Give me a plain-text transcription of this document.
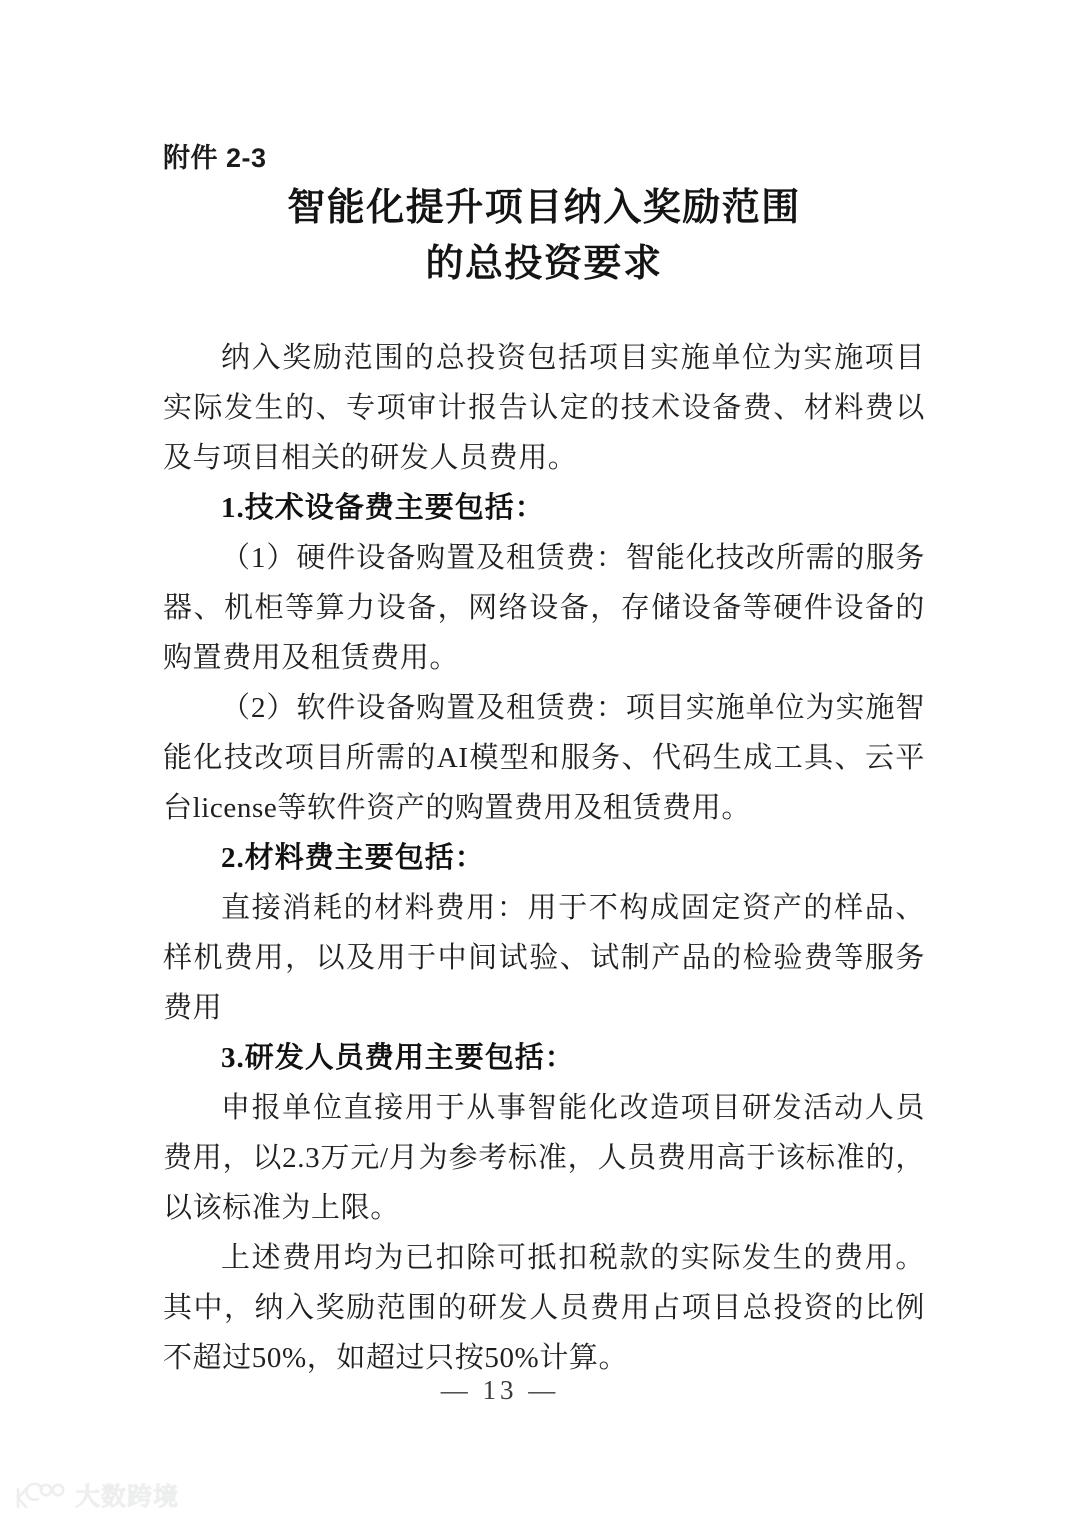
附件 2-3
智能化提升项目纳入奖励范围
的总投资要求

纳入奖励范围的总投资包括项目实施单位为实施项目实际发生的、专项审计报告认定的技术设备费、材料费以及与项目相关的研发人员费用。

1.技术设备费主要包括：

（1）硬件设备购置及租赁费：智能化技改所需的服务器、机柜等算力设备，网络设备，存储设备等硬件设备的购置费用及租赁费用。

（2）软件设备购置及租赁费：项目实施单位为实施智能化技改项目所需的AI模型和服务、代码生成工具、云平台license等软件资产的购置费用及租赁费用。

2.材料费主要包括：

直接消耗的材料费用：用于不构成固定资产的样品、样机费用，以及用于中间试验、试制产品的检验费等服务费用

3.研发人员费用主要包括：

申报单位直接用于从事智能化改造项目研发活动人员费用，以2.3万元/月为参考标准，人员费用高于该标准的，以该标准为上限。

上述费用均为已扣除可抵扣税款的实际发生的费用。其中，纳入奖励范围的研发人员费用占项目总投资的比例不超过50%，如超过只按50%计算。

— 13 —
大数跨境
